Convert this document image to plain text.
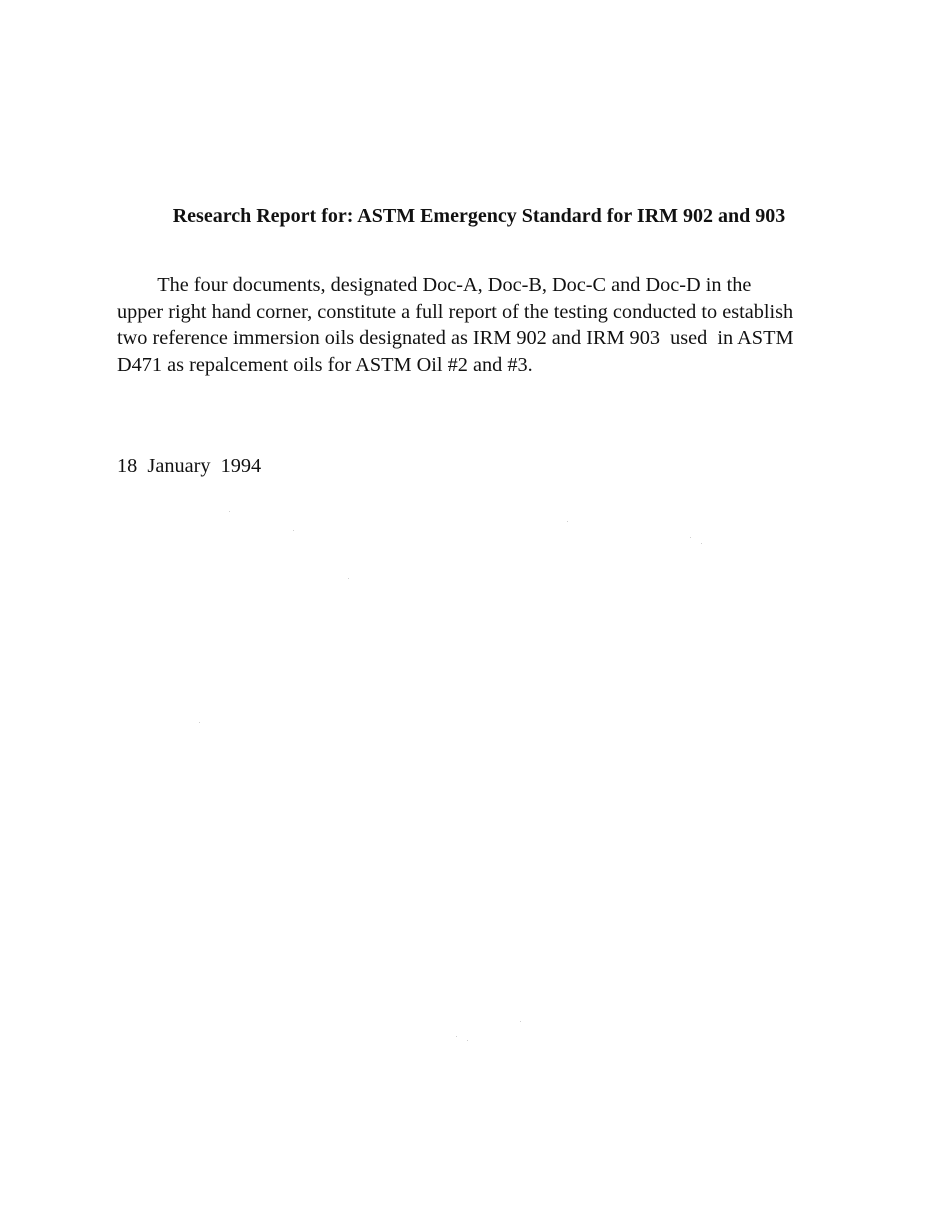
Research Report for: ASTM Emergency Standard for IRM 902 and 903

The four documents, designated Doc-A, Doc-B, Doc-C and Doc-D in the
upper right hand corner, constitute a full report of the testing conducted to establish
two reference immersion oils designated as IRM 902 and IRM 903  used  in ASTM
D471 as repalcement oils for ASTM Oil #2 and #3.

18  January  1994
